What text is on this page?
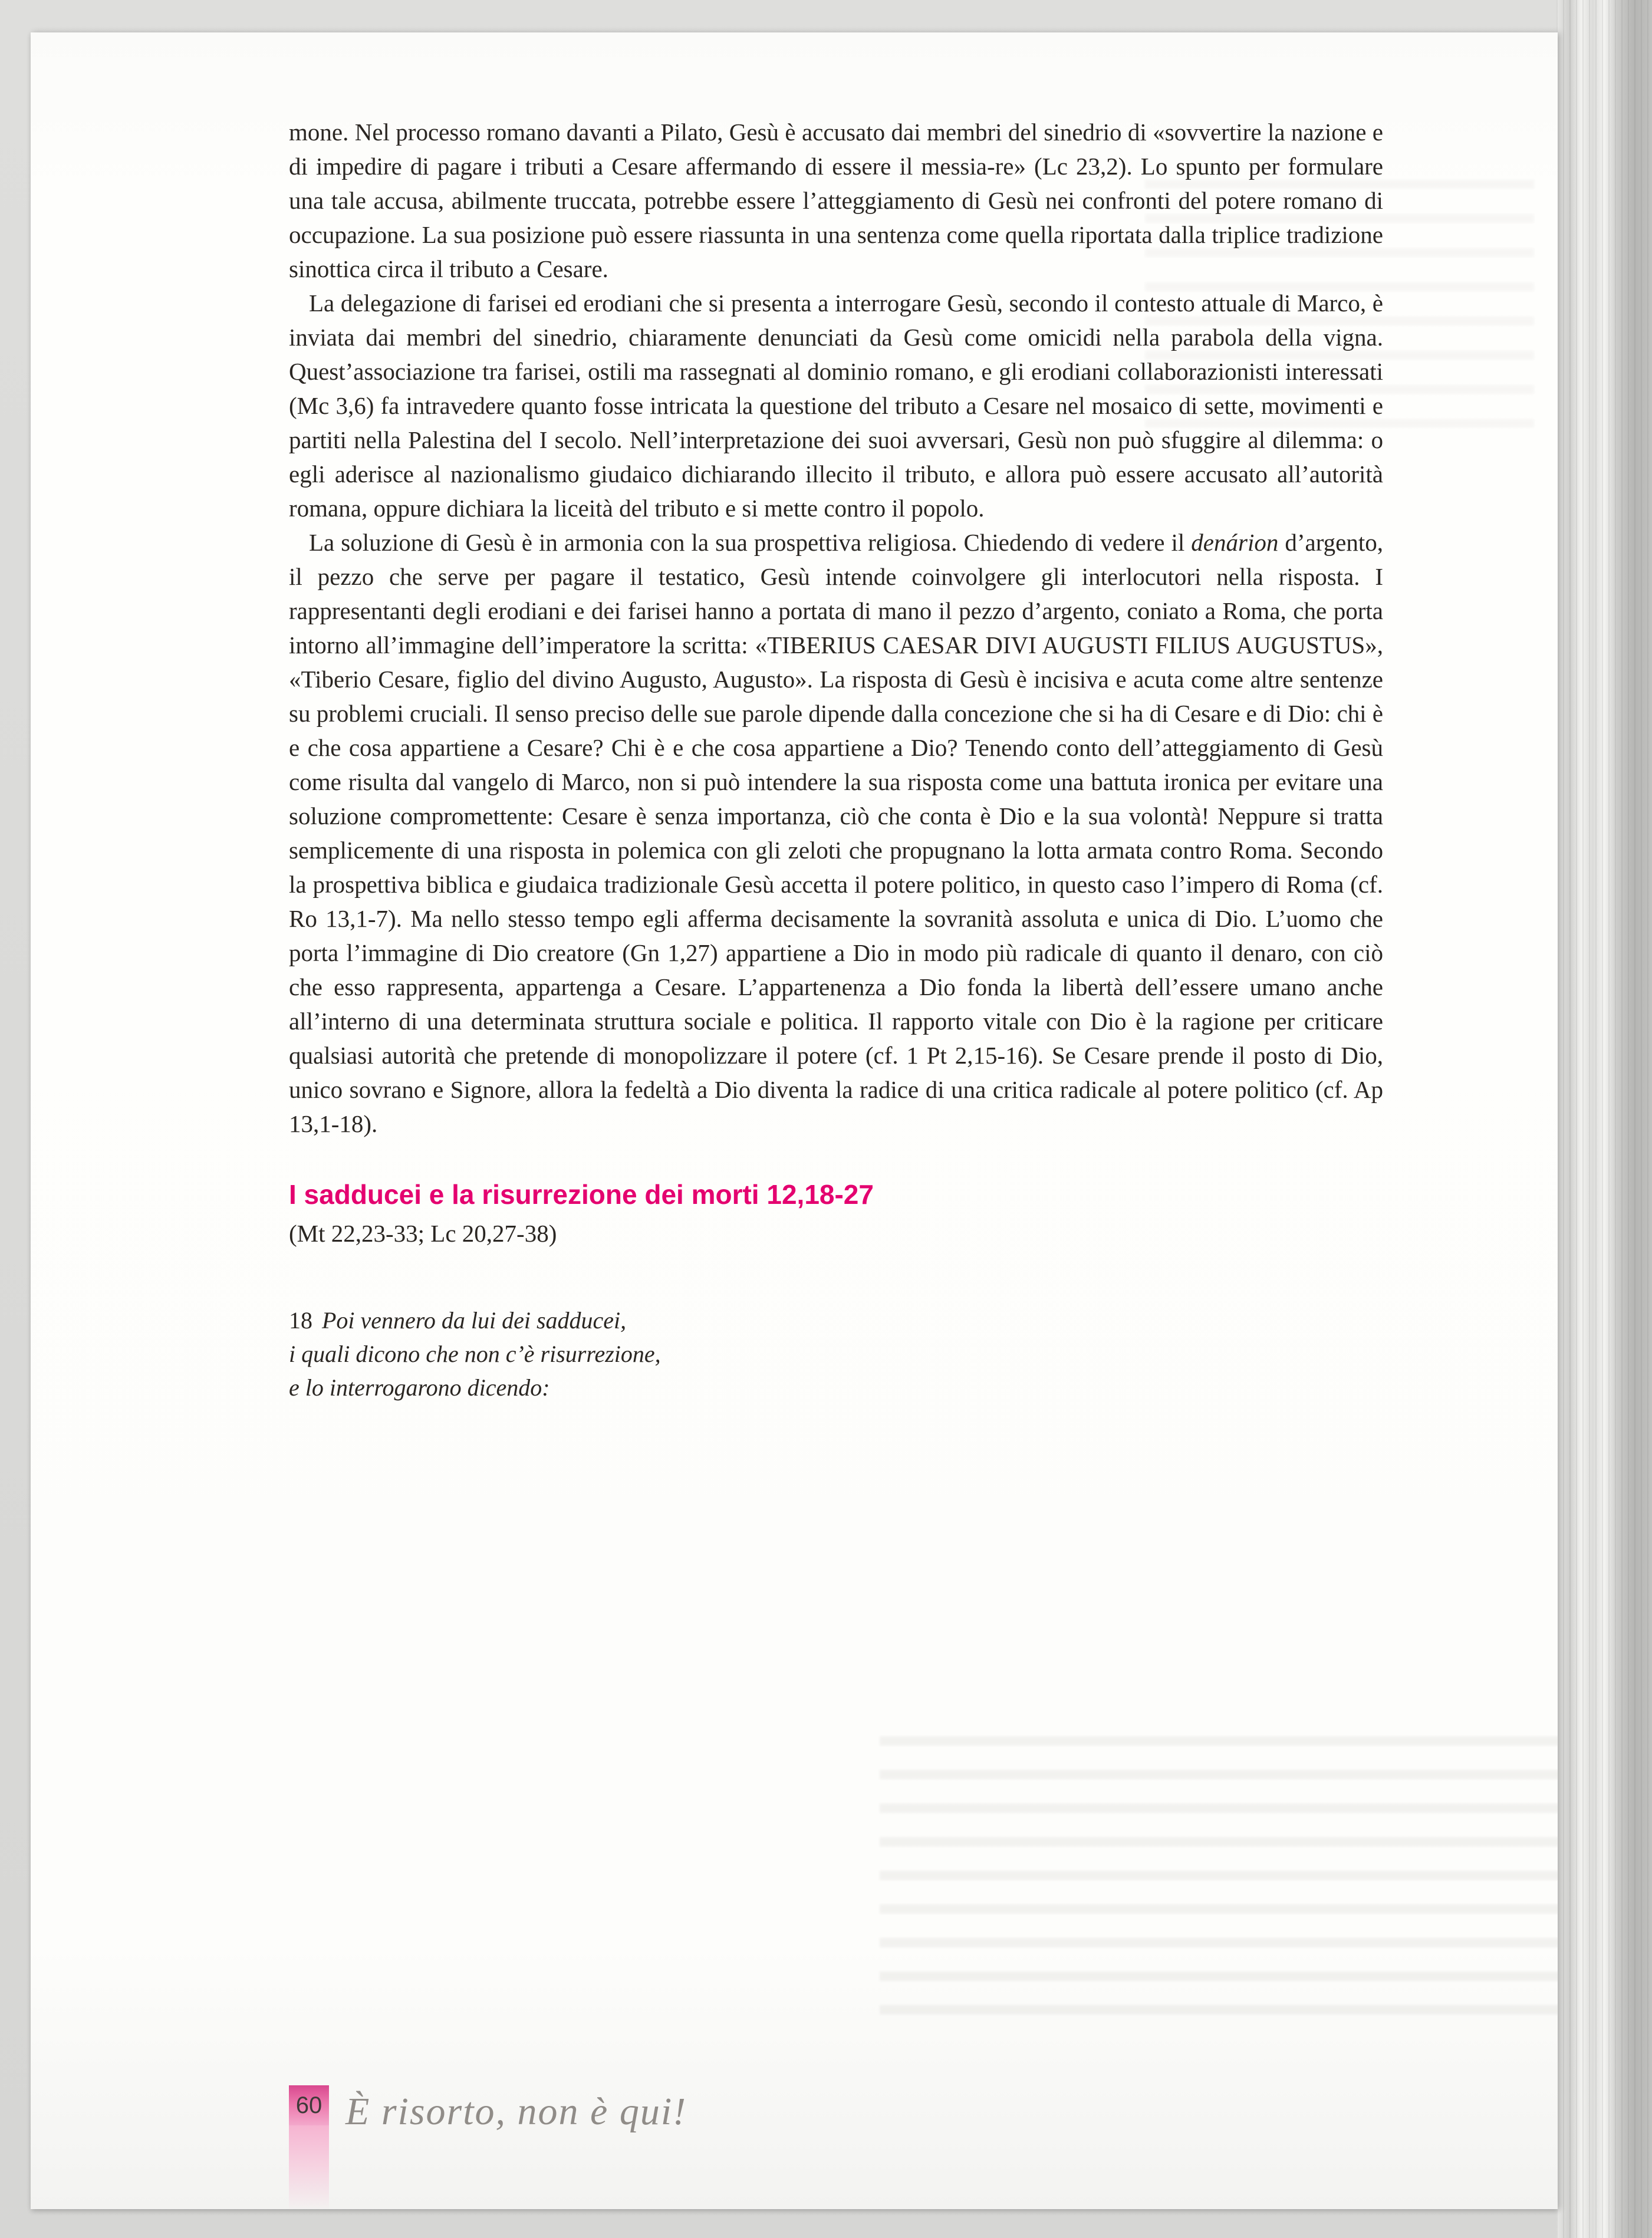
mone. Nel processo romano davanti a Pilato, Gesù è accusato dai membri del sinedrio di «sovvertire la nazione e di impedire di pagare i tributi a Cesare affermando di essere il messia-re» (Lc 23,2). Lo spunto per formulare una tale accusa, abilmente truccata, potrebbe essere l’atteggiamento di Gesù nei confronti del potere romano di occupazione. La sua posizione può essere riassunta in una sentenza come quella riportata dalla triplice tradizione sinottica circa il tributo a Cesare.

La delegazione di farisei ed erodiani che si presenta a interrogare Gesù, secondo il contesto attuale di Marco, è inviata dai membri del sinedrio, chiaramente denunciati da Gesù come omicidi nella parabola della vigna. Quest’associazione tra farisei, ostili ma rassegnati al dominio romano, e gli erodiani collaborazionisti interessati (Mc 3,6) fa intravedere quanto fosse intricata la questione del tributo a Cesare nel mosaico di sette, movimenti e partiti nella Palestina del I secolo. Nell’interpretazione dei suoi avversari, Gesù non può sfuggire al dilemma: o egli aderisce al nazionalismo giudaico dichiarando illecito il tributo, e allora può essere accusato all’autorità romana, oppure dichiara la liceità del tributo e si mette contro il popolo.

La soluzione di Gesù è in armonia con la sua prospettiva religiosa. Chiedendo di vedere il denárion d’argento, il pezzo che serve per pagare il testatico, Gesù intende coinvolgere gli interlocutori nella risposta. I rappresentanti degli erodiani e dei farisei hanno a portata di mano il pezzo d’argento, coniato a Roma, che porta intorno all’immagine dell’imperatore la scritta: «TIBERIUS CAESAR DIVI AUGUSTI FILIUS AUGUSTUS», «Tiberio Cesare, figlio del divino Augusto, Augusto». La risposta di Gesù è incisiva e acuta come altre sentenze su problemi cruciali. Il senso preciso delle sue parole dipende dalla concezione che si ha di Cesare e di Dio: chi è e che cosa appartiene a Cesare? Chi è e che cosa appartiene a Dio? Tenendo conto dell’atteggiamento di Gesù come risulta dal vangelo di Marco, non si può intendere la sua risposta come una battuta ironica per evitare una soluzione compromettente: Cesare è senza importanza, ciò che conta è Dio e la sua volontà! Neppure si tratta semplicemente di una risposta in polemica con gli zeloti che propugnano la lotta armata contro Roma. Secondo la prospettiva biblica e giudaica tradizionale Gesù accetta il potere politico, in questo caso l’impero di Roma (cf. Ro 13,1-7). Ma nello stesso tempo egli afferma decisamente la sovranità assoluta e unica di Dio. L’uomo che porta l’immagine di Dio creatore (Gn 1,27) appartiene a Dio in modo più radicale di quanto il denaro, con ciò che esso rappresenta, appartenga a Cesare. L’appartenenza a Dio fonda la libertà dell’essere umano anche all’interno di una determinata struttura sociale e politica. Il rapporto vitale con Dio è la ragione per criticare qualsiasi autorità che pretende di monopolizzare il potere (cf. 1 Pt 2,15-16). Se Cesare prende il posto di Dio, unico sovrano e Signore, allora la fedeltà a Dio diventa la radice di una critica radicale al potere politico (cf. Ap 13,1-18).

I sadducei e la risurrezione dei morti 12,18-27

(Mt 22,23-33; Lc 20,27-38)

18 Poi vennero da lui dei sadducei,

i quali dicono che non c’è risurrezione,

e lo interrogarono dicendo:

60 È risorto, non è qui!
